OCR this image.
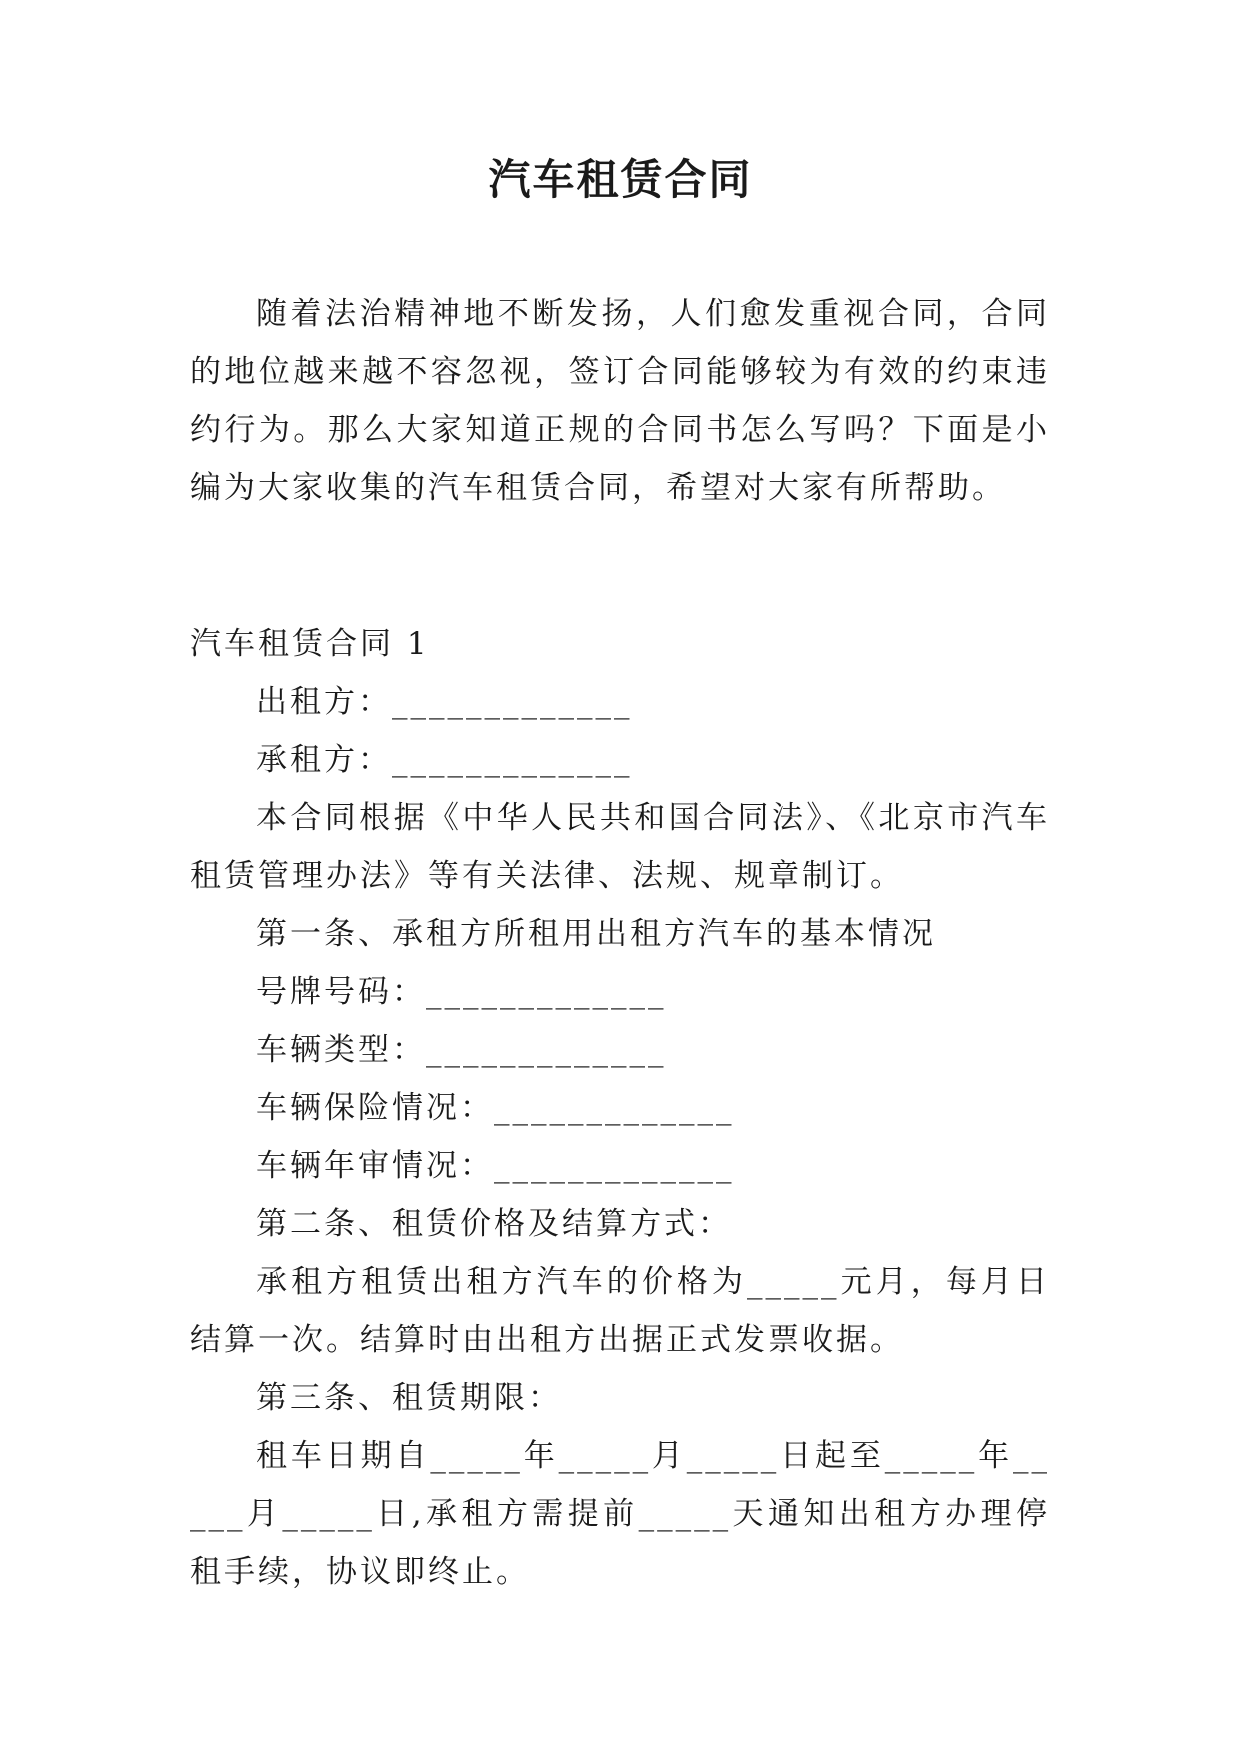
汽车租赁合同

随着法治精神地不断发扬，人们愈发重视合同，合同的地位越来越不容忽视，签订合同能够较为有效的约束违约行为。那么大家知道正规的合同书怎么写吗？下面是小编为大家收集的汽车租赁合同，希望对大家有所帮助。

汽车租赁合同 1

出租方：_____________

承租方：_____________

本合同根据《中华人民共和国合同法》、《北京市汽车租赁管理办法》等有关法律、法规、规章制订。

第一条、承租方所租用出租方汽车的基本情况

号牌号码：_____________

车辆类型：_____________

车辆保险情况：_____________

车辆年审情况：_____________

第二条、租赁价格及结算方式：

承租方租赁出租方汽车的价格为_____元月，每月日结算一次。结算时由出租方出据正式发票收据。

第三条、租赁期限：

租车日期自_____年_____月_____日起至_____年_____月_____日,承租方需提前_____天通知出租方办理停租手续，协议即终止。
